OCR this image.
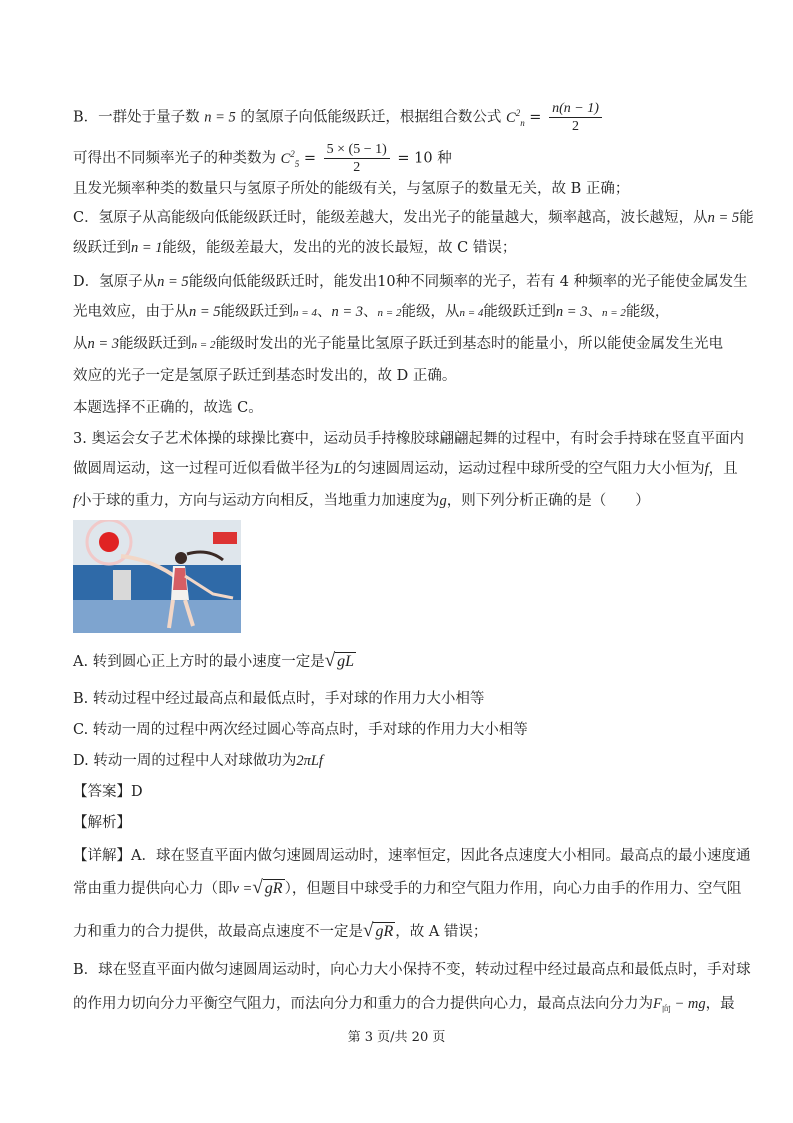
B．一群处于量子数 n = 5 的氢原子向低能级跃迁，根据组合数公式 $C^2_n = \frac{n(n - 1)}{2}$
可得出不同频率光子的种类数为 $C^2_5 = \frac{5 \times (5 - 1)}{2} = 10$ 种
且发光频率种类的数量只与氢原子所处的能级有关，与氢原子的数量无关，故 B 正确；
C．氢原子从高能级向低能级跃迁时，能级差越大，发出光子的能量越大，频率越高，波长越短，从n = 5能
级跃迁到n = 1能级，能级差最大，发出的光的波长最短，故 C 错误；
D．氢原子从n = 5能级向低能级跃迁时，能发出10种不同频率的光子，若有 4 种频率的光子能使金属发生
光电效应，由于从n = 5能级跃迁到n = 4、n = 3、n = 2能级，从n = 4能级跃迁到n = 3、n = 2能级，
从n = 3能级跃迁到n = 2能级时发出的光子能量比氢原子跃迁到基态时的能量小，所以能使金属发生光电
效应的光子一定是氢原子跃迁到基态时发出的，故 D 正确。
本题选择不正确的，故选 C。
3. 奥运会女子艺术体操的球操比赛中，运动员手持橡胶球翩翩起舞的过程中，有时会手持球在竖直平面内
做圆周运动，这一过程可近似看做半径为L的匀速圆周运动，运动过程中球所受的空气阻力大小恒为f，且
f小于球的重力，方向与运动方向相反，当地重力加速度为g，则下列分析正确的是（　　）
A. 转到圆心正上方时的最小速度一定是√ gL
B. 转动过程中经过最高点和最低点时，手对球的作用力大小相等
C. 转动一周的过程中两次经过圆心等高点时，手对球的作用力大小相等
D. 转动一周的过程中人对球做功为2πLf
【答案】D
【解析】
【详解】A．球在竖直平面内做匀速圆周运动时，速率恒定，因此各点速度大小相同。最高点的最小速度通
常由重力提供向心力（即v =√ gR ），但题目中球受手的力和空气阻力作用，向心力由手的作用力、空气阻
力和重力的合力提供，故最高点速度不一定是√ gR ，故 A 错误；
B．球在竖直平面内做匀速圆周运动时，向心力大小保持不变，转动过程中经过最高点和最低点时，手对球
的作用力切向分力平衡空气阻力，而法向分力和重力的合力提供向心力，最高点法向分力为$F_向$ − mg，最
第 3 页/共 20 页
